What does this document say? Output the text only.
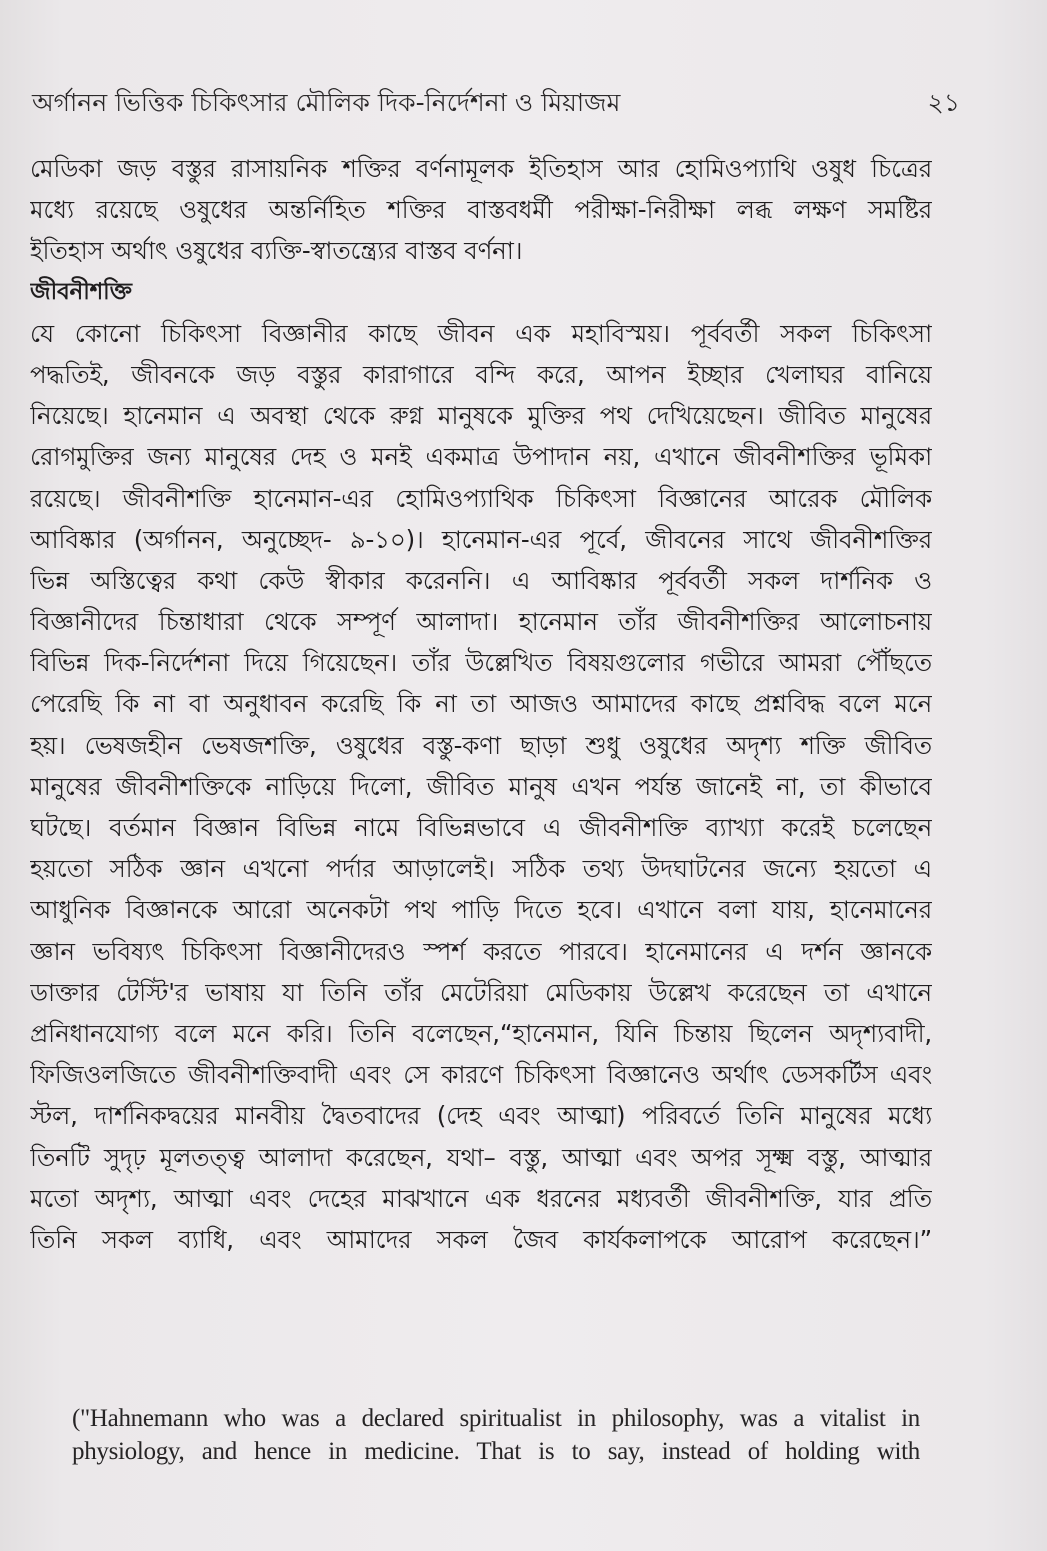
অর্গানন ভিত্তিক চিকিৎসার মৌলিক দিক-নির্দেশনা ও মিয়াজম	২১
মেডিকা জড় বস্তুর রাসায়নিক শক্তির বর্ণনামূলক ইতিহাস আর হোমিওপ্যাথি ওষুধ চিত্রের
মধ্যে রয়েছে ওষুধের অন্তর্নিহিত শক্তির বাস্তবধর্মী পরীক্ষা-নিরীক্ষা লব্ধ লক্ষণ সমষ্টির
ইতিহাস অর্থাৎ ওষুধের ব্যক্তি-স্বাতন্ত্র্যের বাস্তব বর্ণনা।
জীবনীশক্তি
যে কোনো চিকিৎসা বিজ্ঞানীর কাছে জীবন এক মহাবিস্ময়। পূর্ববর্তী সকল চিকিৎসা
পদ্ধতিই, জীবনকে জড় বস্তুর কারাগারে বন্দি করে, আপন ইচ্ছার খেলাঘর বানিয়ে
নিয়েছে। হানেমান এ অবস্থা থেকে রুগ্ন মানুষকে মুক্তির পথ দেখিয়েছেন। জীবিত মানুষের
রোগমুক্তির জন্য মানুষের দেহ ও মনই একমাত্র উপাদান নয়, এখানে জীবনীশক্তির ভূমিকা
রয়েছে। জীবনীশক্তি হানেমান-এর হোমিওপ্যাথিক চিকিৎসা বিজ্ঞানের আরেক মৌলিক
আবিষ্কার (অর্গানন, অনুচ্ছেদ- ৯-১০)। হানেমান-এর পূর্বে, জীবনের সাথে জীবনীশক্তির
ভিন্ন অস্তিত্বের কথা কেউ স্বীকার করেননি। এ আবিষ্কার পূর্ববর্তী সকল দার্শনিক ও
বিজ্ঞানীদের চিন্তাধারা থেকে সম্পূর্ণ আলাদা। হানেমান তাঁর জীবনীশক্তির আলোচনায়
বিভিন্ন দিক-নির্দেশনা দিয়ে গিয়েছেন। তাঁর উল্লেখিত বিষয়গুলোর গভীরে আমরা পৌঁছতে
পেরেছি কি না বা অনুধাবন করেছি কি না তা আজও আমাদের কাছে প্রশ্নবিদ্ধ বলে মনে
হয়। ভেষজহীন ভেষজশক্তি, ওষুধের বস্তু-কণা ছাড়া শুধু ওষুধের অদৃশ্য শক্তি জীবিত
মানুষের জীবনীশক্তিকে নাড়িয়ে দিলো, জীবিত মানুষ এখন পর্যন্ত জানেই না, তা কীভাবে
ঘটছে। বর্তমান বিজ্ঞান বিভিন্ন নামে বিভিন্নভাবে এ জীবনীশক্তি ব্যাখ্যা করেই চলেছেন
হয়তো সঠিক জ্ঞান এখনো পর্দার আড়ালেই। সঠিক তথ্য উদঘাটনের জন্যে হয়তো এ
আধুনিক বিজ্ঞানকে আরো অনেকটা পথ পাড়ি দিতে হবে। এখানে বলা যায়, হানেমানের
জ্ঞান ভবিষ্যৎ চিকিৎসা বিজ্ঞানীদেরও স্পর্শ করতে পারবে। হানেমানের এ দর্শন জ্ঞানকে
ডাক্তার টেস্টি'র ভাষায় যা তিনি তাঁর মেটেরিয়া মেডিকায় উল্লেখ করেছেন তা এখানে
প্রনিধানযোগ্য বলে মনে করি। তিনি বলেছেন,“হানেমান, যিনি চিন্তায় ছিলেন অদৃশ্যবাদী,
ফিজিওলজিতে জীবনীশক্তিবাদী এবং সে কারণে চিকিৎসা বিজ্ঞানেও অর্থাৎ ডেসকর্টিস এবং
স্টল, দার্শনিকদ্বয়ের মানবীয় দ্বৈতবাদের (দেহ এবং আত্মা) পরিবর্তে তিনি মানুষের মধ্যে
তিনটি সুদৃঢ় মূলতত্ত্ব আলাদা করেছেন, যথা– বস্তু, আত্মা এবং অপর সূক্ষ্ম বস্তু, আত্মার
মতো অদৃশ্য, আত্মা এবং দেহের মাঝখানে এক ধরনের মধ্যবর্তী জীবনীশক্তি, যার প্রতি
তিনি সকল ব্যাধি, এবং আমাদের সকল জৈব কার্যকলাপকে আরোপ করেছেন।”
("Hahnemann who was a declared spiritualist in philosophy, was a vitalist in
physiology, and hence in medicine. That is to say, instead of holding with
